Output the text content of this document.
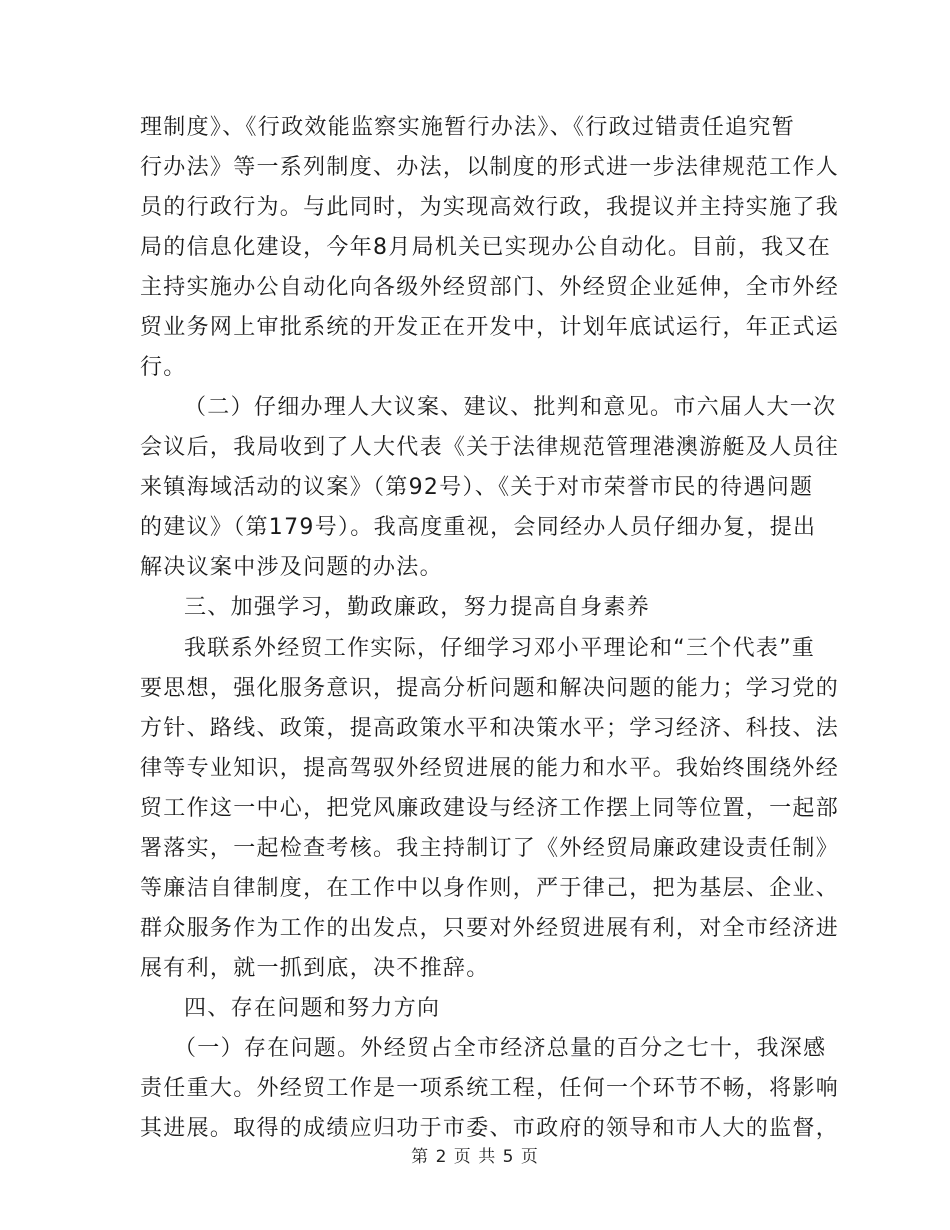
理制度》、《行政效能监察实施暂行办法》、《行政过错责任追究暂
行办法》等一系列制度、办法，以制度的形式进一步法律规范工作人
员的行政行为。与此同时，为实现高效行政，我提议并主持实施了我
局的信息化建设，今年8月局机关已实现办公自动化。目前，我又在
主持实施办公自动化向各级外经贸部门、外经贸企业延伸，全市外经
贸业务网上审批系统的开发正在开发中，计划年底试运行，年正式运
行。
（二）仔细办理人大议案、建议、批判和意见。市六届人大一次
会议后，我局收到了人大代表《关于法律规范管理港澳游艇及人员往
来镇海域活动的议案》（第92号）、《关于对市荣誉市民的待遇问题
的建议》（第179号）。我高度重视，会同经办人员仔细办复，提出
解决议案中涉及问题的办法。
三、加强学习，勤政廉政，努力提高自身素养
我联系外经贸工作实际，仔细学习邓小平理论和“三个代表”重
要思想，强化服务意识，提高分析问题和解决问题的能力；学习党的
方针、路线、政策，提高政策水平和决策水平；学习经济、科技、法
律等专业知识，提高驾驭外经贸进展的能力和水平。我始终围绕外经
贸工作这一中心，把党风廉政建设与经济工作摆上同等位置，一起部
署落实，一起检查考核。我主持制订了《外经贸局廉政建设责任制》
等廉洁自律制度，在工作中以身作则，严于律己，把为基层、企业、
群众服务作为工作的出发点，只要对外经贸进展有利，对全市经济进
展有利，就一抓到底，决不推辞。
四、存在问题和努力方向
（一）存在问题。外经贸占全市经济总量的百分之七十，我深感
责任重大。外经贸工作是一项系统工程，任何一个环节不畅，将影响
第 2 页 共 5 页
其进展。取得的成绩应归功于市委、市政府的领导和市人大的监督，
